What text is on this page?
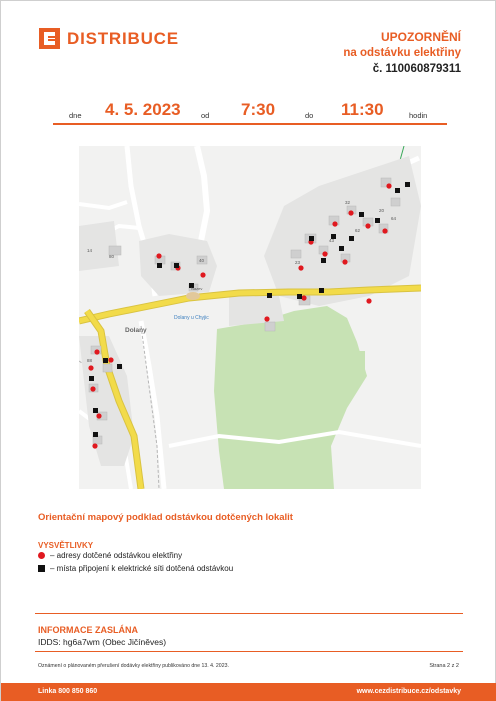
DISTRIBUCE	UPOZORNĚNÍ
na odstávku elektřiny
č. 110060879311
dne 4. 5. 2023	od 7:30	do 11:30	hodin
Dolany
Dolany u Chyjic
Nazev
14
80
40
32
20
64
43
62
23
88
Orientační mapový podklad odstávkou dotčených lokalit
VYSVĚTLIVKY
– adresy dotčené odstávkou elektřiny
– místa připojení k elektrické síti dotčená odstávkou
INFORMACE ZASLÁNA
IDDS: hg6a7wm (Obec Jičíněves)
Oznámení o plánovaném přerušení dodávky elektřiny publikováno dne 13. 4. 2023.	Strana 2 z 2
Linka 800 850 860	www.cezdistribuce.cz/odstavky
